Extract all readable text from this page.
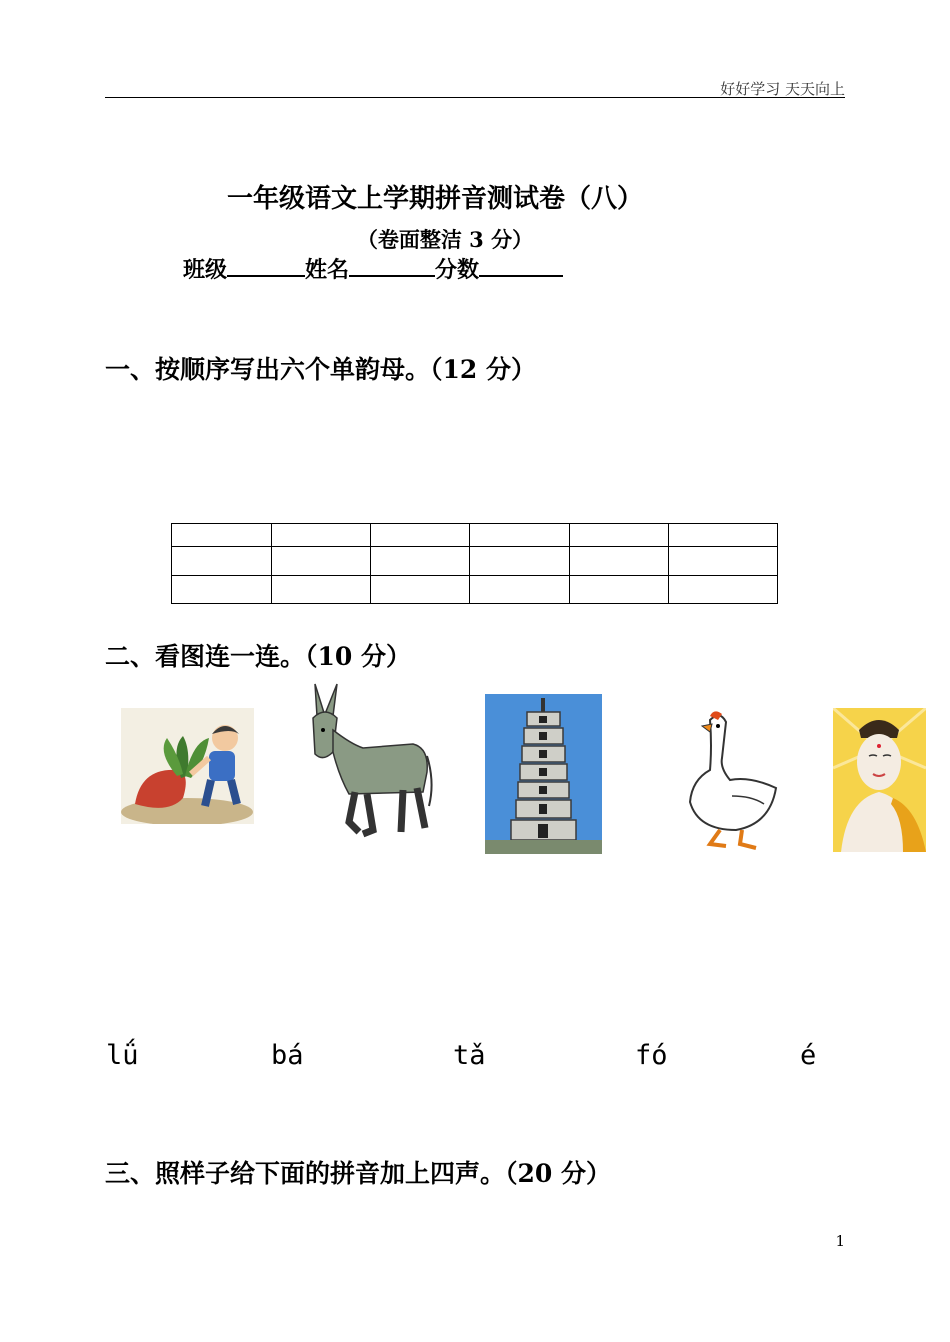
好好学习 天天向上
一年级语文上学期拼音测试卷（八）
（卷面整洁 3 分）
班级	姓名	分数
一、按顺序写出六个单韵母。（12 分）

二、看图连一连。（10 分）
lǘ	bá	tǎ	fó	é
三、照样子给下面的拼音加上四声。（20 分）
1
